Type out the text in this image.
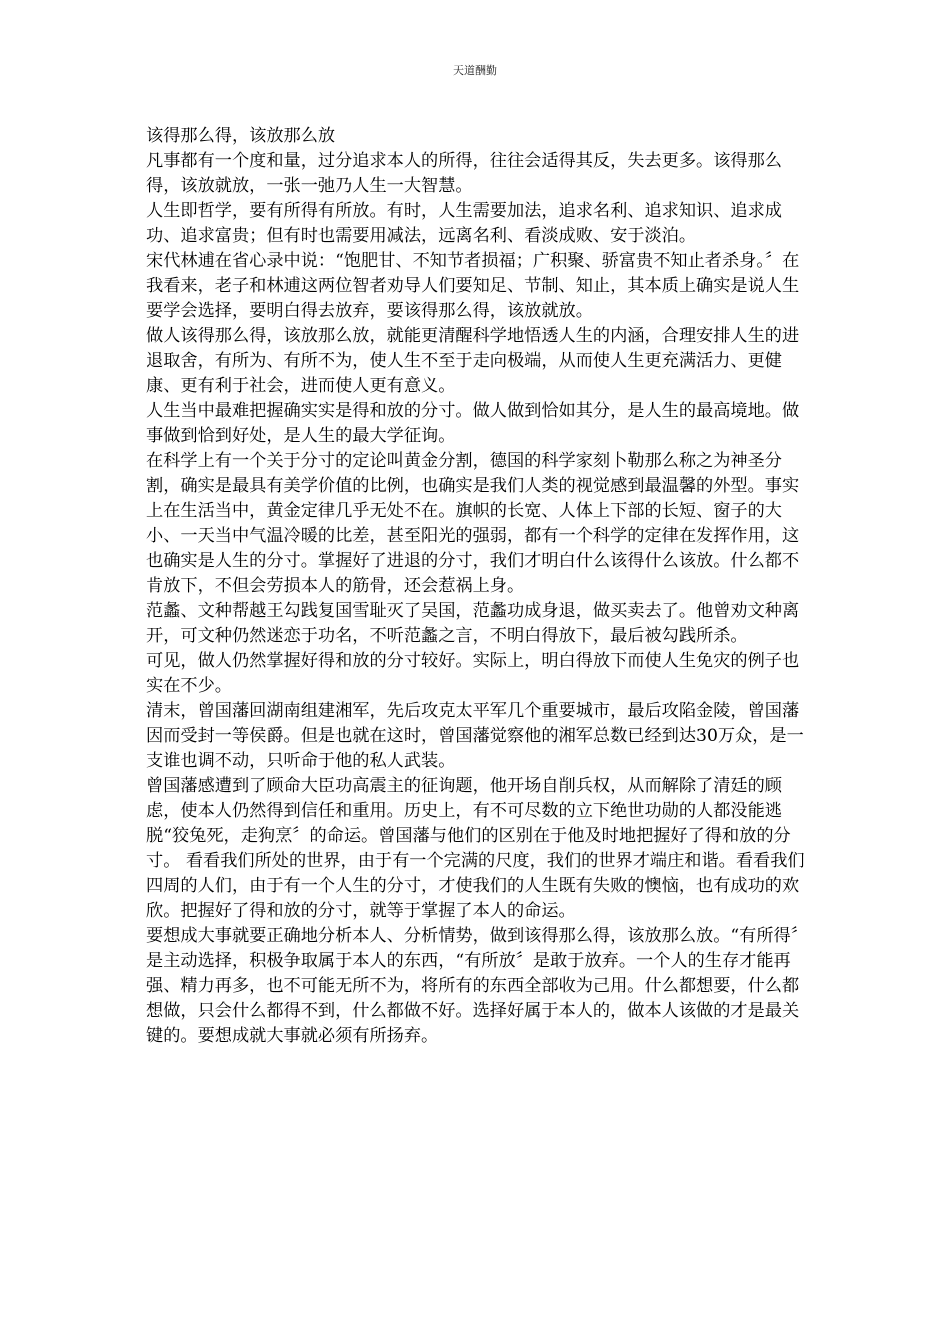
天道酬勤

该得那么得，该放那么放

凡事都有一个度和量，过分追求本人的所得，往往会适得其反，失去更多。该得那么得，该放就放，一张一弛乃人生一大智慧。

人生即哲学，要有所得有所放。有时，人生需要加法，追求名利、追求知识、追求成功、追求富贵；但有时也需要用减法，远离名利、看淡成败、安于淡泊。

宋代林逋在省心录中说：“饱肥甘、不知节者损福；广积聚、骄富贵不知止者杀身。〞在我看来，老子和林逋这两位智者劝导人们要知足、节制、知止，其本质上确实是说人生要学会选择，要明白得去放弃，要该得那么得，该放就放。

做人该得那么得，该放那么放，就能更清醒科学地悟透人生的内涵，合理安排人生的进退取舍，有所为、有所不为，使人生不至于走向极端，从而使人生更充满活力、更健康、更有利于社会，进而使人更有意义。

人生当中最难把握确实实是得和放的分寸。做人做到恰如其分，是人生的最高境地。做事做到恰到好处，是人生的最大学征询。

在科学上有一个关于分寸的定论叫黄金分割，德国的科学家刻卜勒那么称之为神圣分割，确实是最具有美学价值的比例，也确实是我们人类的视觉感到最温馨的外型。事实上在生活当中，黄金定律几乎无处不在。旗帜的长宽、人体上下部的长短、窗子的大小、一天当中气温冷暖的比差，甚至阳光的强弱，都有一个科学的定律在发挥作用，这也确实是人生的分寸。掌握好了进退的分寸，我们才明白什么该得什么该放。什么都不肯放下，不但会劳损本人的筋骨，还会惹祸上身。

范蠡、文种帮越王勾践复国雪耻灭了吴国，范蠡功成身退，做买卖去了。他曾劝文种离开，可文种仍然迷恋于功名，不听范蠡之言，不明白得放下，最后被勾践所杀。

可见，做人仍然掌握好得和放的分寸较好。实际上，明白得放下而使人生免灾的例子也实在不少。

清末，曾国藩回湖南组建湘军，先后攻克太平军几个重要城市，最后攻陷金陵，曾国藩因而受封一等侯爵。但是也就在这时，曾国藩觉察他的湘军总数已经到达30万众，是一支谁也调不动，只听命于他的私人武装。

曾国藩感遭到了顾命大臣功高震主的征询题，他开场自削兵权，从而解除了清廷的顾虑，使本人仍然得到信任和重用。历史上，有不可尽数的立下绝世功勋的人都没能逃脱“狡兔死，走狗烹〞的命运。曾国藩与他们的区别在于他及时地把握好了得和放的分寸。 看看我们所处的世界，由于有一个完满的尺度，我们的世界才端庄和谐。看看我们四周的人们，由于有一个人生的分寸，才使我们的人生既有失败的懊恼，也有成功的欢欣。把握好了得和放的分寸，就等于掌握了本人的命运。

要想成大事就要正确地分析本人、分析情势，做到该得那么得，该放那么放。“有所得〞是主动选择，积极争取属于本人的东西，“有所放〞是敢于放弃。一个人的生存才能再强、精力再多，也不可能无所不为，将所有的东西全部收为己用。什么都想要，什么都想做，只会什么都得不到，什么都做不好。选择好属于本人的，做本人该做的才是最关键的。要想成就大事就必须有所扬弃。
